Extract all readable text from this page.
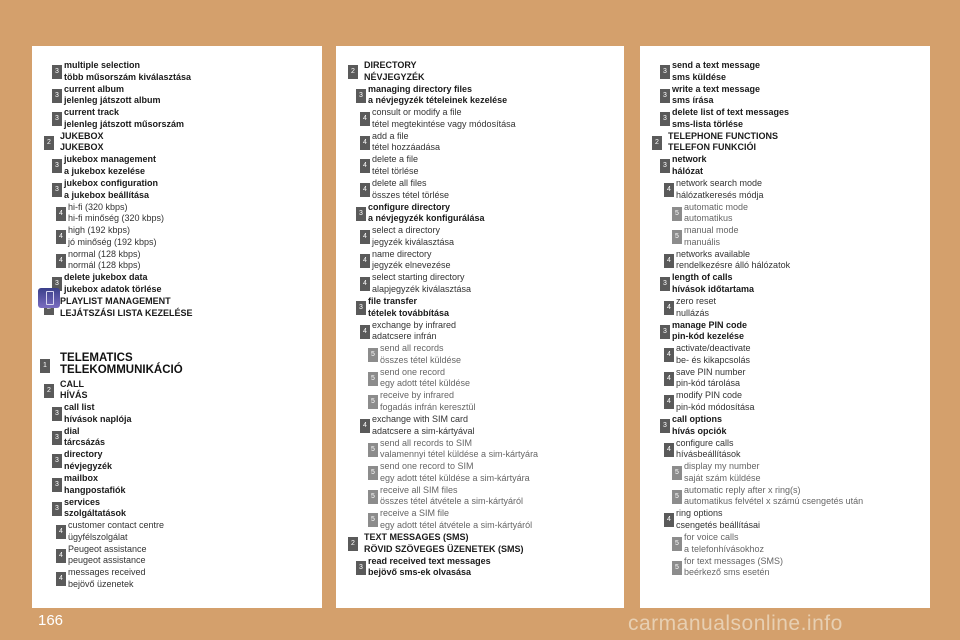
3
multiple selection
több műsorszám kiválasztása
3
current album
jelenleg játszott album
3
current track
jelenleg játszott műsorszám
2
JUKEBOX
JUKEBOX
3
jukebox management
a jukebox kezelése
3
jukebox configuration
a jukebox beállítása
4
hi-fi (320 kbps)
hi-fi minőség (320 kbps)
4
high (192 kbps)
jó minőség (192 kbps)
4
normal (128 kbps)
normál (128 kbps)
3
delete jukebox data
jukebox adatok törlése
PLAYLIST MANAGEMENT
LEJÁTSZÁSI LISTA KEZELÉSE
1
TELEMATICS
TELEKOMMUNIKÁCIÓ
2
CALL
HÍVÁS
3
call list
hívások naplója
3
dial
tárcsázás
3
directory
névjegyzék
3
mailbox
hangpostafiók
3
services
szolgáltatások
4
customer contact centre
ügyfélszolgálat
4
Peugeot assistance
peugeot assistance
4
messages received
bejövő üzenetek
2
DIRECTORY
NÉVJEGYZÉK
3
managing directory files
a névjegyzék tételeinek kezelése
4
consult or modify a file
tétel megtekintése vagy módosítása
4
add a file
tétel hozzáadása
4
delete a file
tétel törlése
4
delete all files
összes tétel törlése
3
configure directory
a névjegyzék konfigurálása
4
select a directory
jegyzék kiválasztása
4
name directory
jegyzék elnevezése
4
select starting directory
alapjegyzék kiválasztása
3
file transfer
tételek továbbítása
4
exchange by infrared
adatcsere infrán
5
send all records
összes tétel küldése
5
send one record
egy adott tétel küldése
5
receive by infrared
fogadás infrán keresztül
4
exchange with SIM card
adatcsere a sim-kártyával
5
send all records to SIM
valamennyi tétel küldése a sim-kártyára
5
send one record to SIM
egy adott tétel küldése a sim-kártyára
5
receive all SIM files
összes tétel átvétele a sim-kártyáról
5
receive a SIM file
egy adott tétel átvétele a sim-kártyáról
2
TEXT MESSAGES (SMS)
RÖVID SZÖVEGES ÜZENETEK (SMS)
3
read received text messages
bejövő sms-ek olvasása
3
send a text message
sms küldése
3
write a text message
sms írása
3
delete list of text messages
sms-lista törlése
2
TELEPHONE FUNCTIONS
TELEFON FUNKCIÓI
3
network
hálózat
4
network search mode
hálózatkeresés módja
5
automatic mode
automatikus
5
manual mode
manuális
4
networks available
rendelkezésre álló hálózatok
3
length of calls
hívások időtartama
4
zero reset
nullázás
3
manage PIN code
pin-kód kezelése
4
activate/deactivate
be- és kikapcsolás
4
save PIN number
pin-kód tárolása
4
modify PIN code
pin-kód módosítása
3
call options
hívás opciók
4
configure calls
hívásbeállítások
5
display my number
saját szám küldése
5
automatic reply after x ring(s)
automatikus felvétel x számú csengetés után
4
ring options
csengetés beállításai
5
for voice calls
a telefonhívásokhoz
5
for text messages (SMS)
beérkező sms esetén
166	carmanualsonline.info
